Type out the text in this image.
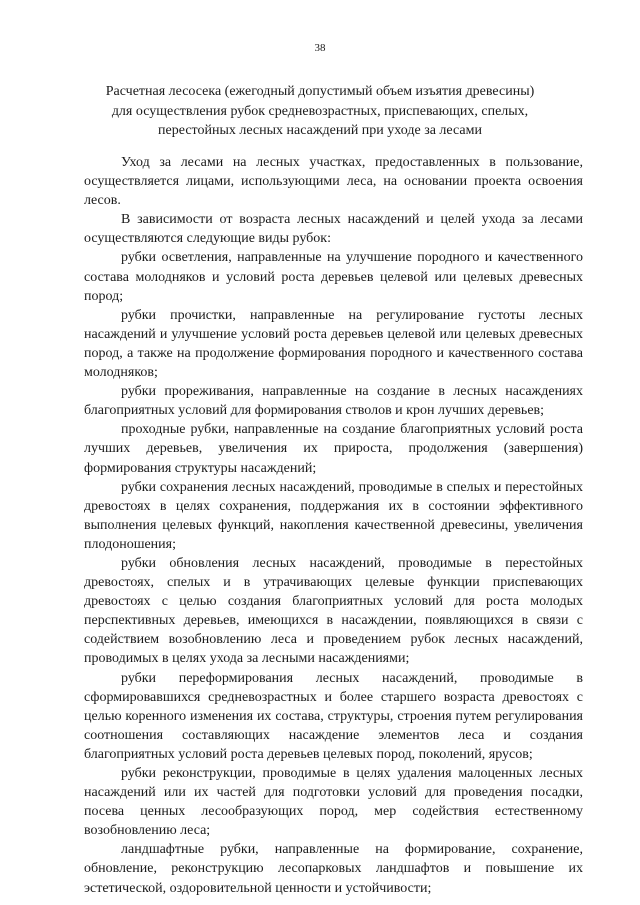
38
Расчетная лесосека (ежегодный допустимый объем изъятия древесины) для осуществления рубок средневозрастных, приспевающих, спелых, перестойных лесных насаждений при уходе за лесами

Уход за лесами на лесных участках, предоставленных в пользование, осуществляется лицами, использующими леса, на основании проекта освоения лесов.

В зависимости от возраста лесных насаждений и целей ухода за лесами осуществляются следующие виды рубок:

рубки осветления, направленные на улучшение породного и качественного состава молодняков и условий роста деревьев целевой или целевых древесных пород;

рубки прочистки, направленные на регулирование густоты лесных насаждений и улучшение условий роста деревьев целевой или целевых древесных пород, а также на продолжение формирования породного и качественного состава молодняков;

рубки прореживания, направленные на создание в лесных насаждениях благоприятных условий для формирования стволов и крон лучших деревьев;

проходные рубки, направленные на создание благоприятных условий роста лучших деревьев, увеличения их прироста, продолжения (завершения) формирования структуры насаждений;

рубки сохранения лесных насаждений, проводимые в спелых и перестойных древостоях в целях сохранения, поддержания их в состоянии эффективного выполнения целевых функций, накопления качественной древесины, увеличения плодоношения;

рубки обновления лесных насаждений, проводимые в перестойных древостоях, спелых и в утрачивающих целевые функции приспевающих древостоях с целью создания благоприятных условий для роста молодых перспективных деревьев, имеющихся в насаждении, появляющихся в связи с содействием возобновлению леса и проведением рубок лесных насаждений, проводимых в целях ухода за лесными насаждениями;

рубки переформирования лесных насаждений, проводимые в сформировавшихся средневозрастных и более старшего возраста древостоях с целью коренного изменения их состава, структуры, строения путем регулирования соотношения составляющих насаждение элементов леса и создания благоприятных условий роста деревьев целевых пород, поколений, ярусов;

рубки реконструкции, проводимые в целях удаления малоценных лесных насаждений или их частей для подготовки условий для проведения посадки, посева ценных лесообразующих пород, мер содействия естественному возобновлению леса;

ландшафтные рубки, направленные на формирование, сохранение, обновление, реконструкцию лесопарковых ландшафтов и повышение их эстетической, оздоровительной ценности и устойчивости;
